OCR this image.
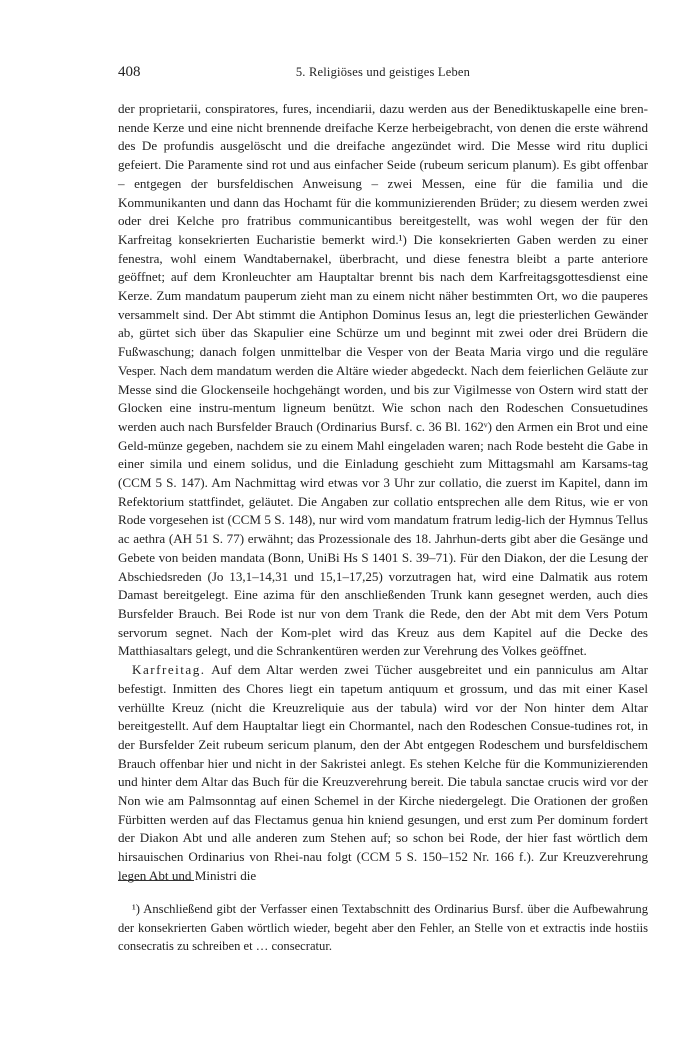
408	5. Religiöses und geistiges Leben

der proprietarii, conspiratores, fures, incendiarii, dazu werden aus der Benediktuskapelle eine bren-nende Kerze und eine nicht brennende dreifache Kerze herbeigebracht, von denen die erste während des De profundis ausgelöscht und die dreifache angezündet wird. Die Messe wird ritu duplici gefeiert. Die Paramente sind rot und aus einfacher Seide (rubeum sericum planum). Es gibt offenbar – entgegen der bursfeldischen Anweisung – zwei Messen, eine für die familia und die Kommunikanten und dann das Hochamt für die kommunizierenden Brüder; zu diesem werden zwei oder drei Kelche pro fratribus communicantibus bereitgestellt, was wohl wegen der für den Karfreitag konsekrierten Eucharistie bemerkt wird.¹) Die konsekrierten Gaben werden zu einer fenestra, wohl einem Wandtabernakel, überbracht, und diese fenestra bleibt a parte anteriore geöffnet; auf dem Kronleuchter am Hauptaltar brennt bis nach dem Karfreitagsgottesdienst eine Kerze. Zum mandatum pauperum zieht man zu einem nicht näher bestimmten Ort, wo die pauperes versammelt sind. Der Abt stimmt die Antiphon Dominus Iesus an, legt die priesterlichen Gewänder ab, gürtet sich über das Skapulier eine Schürze um und beginnt mit zwei oder drei Brüdern die Fußwaschung; danach folgen unmittelbar die Vesper von der Beata Maria virgo und die reguläre Vesper. Nach dem mandatum werden die Altäre wieder abgedeckt. Nach dem feierlichen Geläute zur Messe sind die Glockenseile hochgehängt worden, und bis zur Vigilmesse von Ostern wird statt der Glocken eine instru-mentum ligneum benützt. Wie schon nach den Rodeschen Consuetudines werden auch nach Bursfelder Brauch (Ordinarius Bursf. c. 36 Bl. 162ᵛ) den Armen ein Brot und eine Geld-münze gegeben, nachdem sie zu einem Mahl eingeladen waren; nach Rode besteht die Gabe in einer simila und einem solidus, und die Einladung geschieht zum Mittagsmahl am Karsams-tag (CCM 5 S. 147). Am Nachmittag wird etwas vor 3 Uhr zur collatio, die zuerst im Kapitel, dann im Refektorium stattfindet, geläutet. Die Angaben zur collatio entsprechen alle dem Ritus, wie er von Rode vorgesehen ist (CCM 5 S. 148), nur wird vom mandatum fratrum ledig-lich der Hymnus Tellus ac aethra (AH 51 S. 77) erwähnt; das Prozessionale des 18. Jahrhun-derts gibt aber die Gesänge und Gebete von beiden mandata (Bonn, UniBi Hs S 1401 S. 39–71). Für den Diakon, der die Lesung der Abschiedsreden (Jo 13,1–14,31 und 15,1–17,25) vorzutragen hat, wird eine Dalmatik aus rotem Damast bereitgelegt. Eine azima für den anschließenden Trunk kann gesegnet werden, auch dies Bursfelder Brauch. Bei Rode ist nur von dem Trank die Rede, den der Abt mit dem Vers Potum servorum segnet. Nach der Kom-plet wird das Kreuz aus dem Kapitel auf die Decke des Matthiasaltars gelegt, und die Schrankentüren werden zur Verehrung des Volkes geöffnet.

Karfreitag. Auf dem Altar werden zwei Tücher ausgebreitet und ein panniculus am Altar befestigt. Inmitten des Chores liegt ein tapetum antiquum et grossum, und das mit einer Kasel verhüllte Kreuz (nicht die Kreuzreliquie aus der tabula) wird vor der Non hinter dem Altar bereitgestellt. Auf dem Hauptaltar liegt ein Chormantel, nach den Rodeschen Consue-tudines rot, in der Bursfelder Zeit rubeum sericum planum, den der Abt entgegen Rodeschem und bursfeldischem Brauch offenbar hier und nicht in der Sakristei anlegt. Es stehen Kelche für die Kommunizierenden und hinter dem Altar das Buch für die Kreuzverehrung bereit. Die tabula sanctae crucis wird vor der Non wie am Palmsonntag auf einen Schemel in der Kirche niedergelegt. Die Orationen der großen Fürbitten werden auf das Flectamus genua hin kniend gesungen, und erst zum Per dominum fordert der Diakon Abt und alle anderen zum Stehen auf; so schon bei Rode, der hier fast wörtlich dem hirsauischen Ordinarius von Rhei-nau folgt (CCM 5 S. 150–152 Nr. 166 f.). Zur Kreuzverehrung legen Abt und Ministri die

¹) Anschließend gibt der Verfasser einen Textabschnitt des Ordinarius Bursf. über die Aufbewahrung der konsekrierten Gaben wörtlich wieder, begeht aber den Fehler, an Stelle von et extractis inde hostiis consecratis zu schreiben et … consecratur.
